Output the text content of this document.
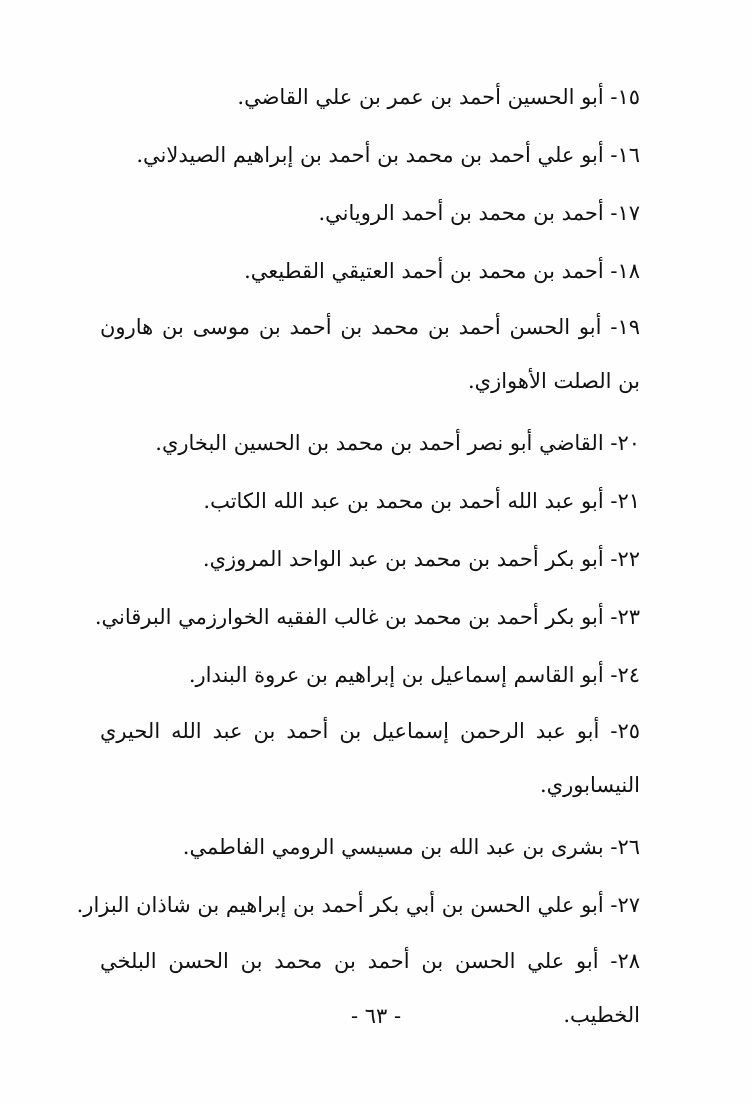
١٥- أبو الحسين أحمد بن عمر بن علي القاضي.

١٦- أبو علي أحمد بن محمد بن أحمد بن إبراهيم الصيدلاني.

١٧- أحمد بن محمد بن أحمد الروياني.

١٨- أحمد بن محمد بن أحمد العتيقي القطيعي.

١٩- أبو الحسن أحمد بن محمد بن أحمد بن موسى بن هارون بن الصلت الأهوازي.

٢٠- القاضي أبو نصر أحمد بن محمد بن الحسين البخاري.

٢١- أبو عبد الله أحمد بن محمد بن عبد الله الكاتب.

٢٢- أبو بكر أحمد بن محمد بن عبد الواحد المروزي.

٢٣- أبو بكر أحمد بن محمد بن غالب الفقيه الخوارزمي البرقاني.

٢٤- أبو القاسم إسماعيل بن إبراهيم بن عروة البندار.

٢٥- أبو عبد الرحمن إسماعيل بن أحمد بن عبد الله الحيري النيسابوري.

٢٦- بشرى بن عبد الله بن مسيسي الرومي الفاطمي.

٢٧- أبو علي الحسن بن أبي بكر أحمد بن إبراهيم بن شاذان البزار.

٢٨- أبو علي الحسن بن أحمد بن محمد بن الحسن البلخي الخطيب.

- ٦٣ -
